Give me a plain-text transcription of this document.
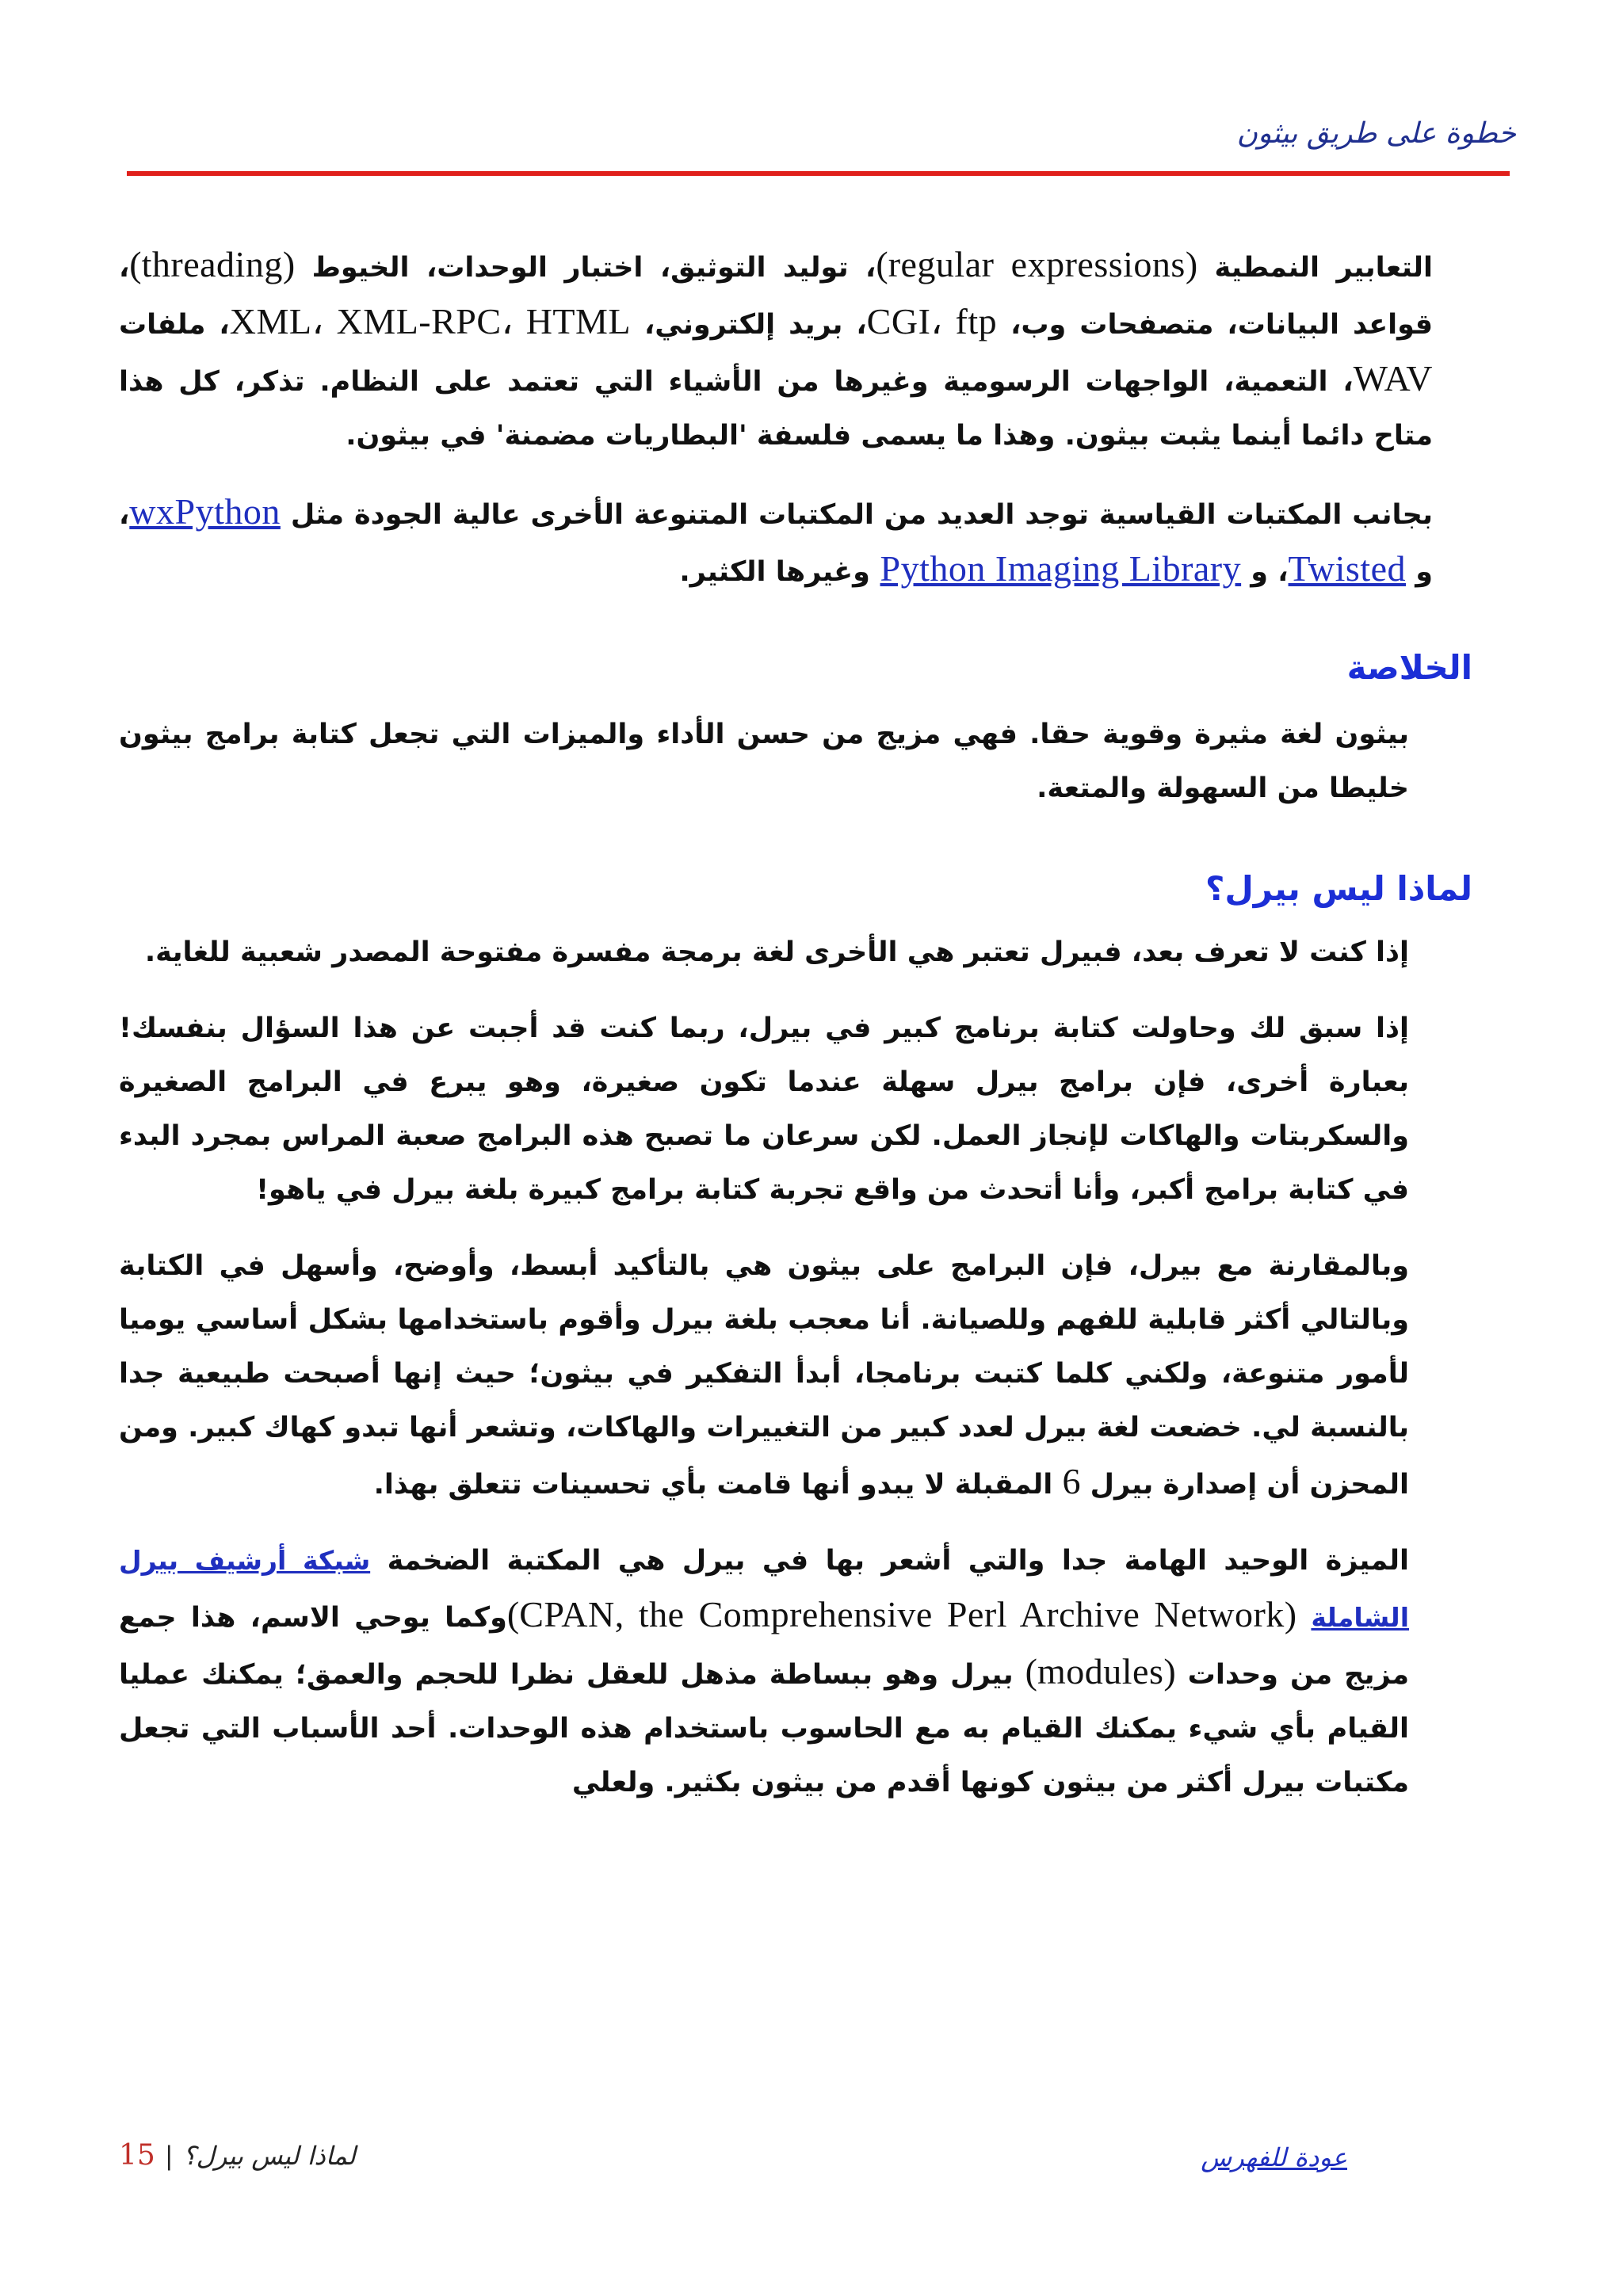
خطوة على طريق بيثون

التعابير النمطية (regular expressions)، توليد التوثيق، اختبار الوحدات، الخيوط (threading)، قواعد البيانات، متصفحات وب، CGI، ftp، بريد إلكتروني، XML، XML-RPC، HTML، ملفات WAV، التعمية، الواجهات الرسومية وغيرها من الأشياء التي تعتمد على النظام. تذكر، كل هذا متاح دائما أينما يثبت بيثون. وهذا ما يسمى فلسفة 'البطاريات مضمنة' في بيثون.

بجانب المكتبات القياسية توجد العديد من المكتبات المتنوعة الأخرى عالية الجودة مثل wxPython، و Twisted، و Python Imaging Library وغيرها الكثير.

الخلاصة

بيثون لغة مثيرة وقوية حقا. فهي مزيج من حسن الأداء والميزات التي تجعل كتابة برامج بيثون خليطا من السهولة والمتعة.

لماذا ليس بيرل؟

إذا كنت لا تعرف بعد، فبيرل تعتبر هي الأخرى لغة برمجة مفسرة مفتوحة المصدر شعبية للغاية.

إذا سبق لك وحاولت كتابة برنامج كبير في بيرل، ربما كنت قد أجبت عن هذا السؤال بنفسك! بعبارة أخرى، فإن برامج بيرل سهلة عندما تكون صغيرة، وهو يبرع في البرامج الصغيرة والسكربتات والهاكات لإنجاز العمل. لكن سرعان ما تصبح هذه البرامج صعبة المراس بمجرد البدء في كتابة برامج أكبر، وأنا أتحدث من واقع تجربة كتابة برامج كبيرة بلغة بيرل في ياهو!

وبالمقارنة مع بيرل، فإن البرامج على بيثون هي بالتأكيد أبسط، وأوضح، وأسهل في الكتابة وبالتالي أكثر قابلية للفهم وللصيانة. أنا معجب بلغة بيرل وأقوم باستخدامها بشكل أساسي يوميا لأمور متنوعة، ولكني كلما كتبت برنامجا، أبدأ التفكير في بيثون؛ حيث إنها أصبحت طبيعية جدا بالنسبة لي. خضعت لغة بيرل لعدد كبير من التغييرات والهاكات، وتشعر أنها تبدو كهاك كبير. ومن المحزن أن إصدارة بيرل 6 المقبلة لا يبدو أنها قامت بأي تحسينات تتعلق بهذا.

الميزة الوحيد الهامة جدا والتي أشعر بها في بيرل هي المكتبة الضخمة شبكة أرشيف بيرل الشاملة (CPAN, the Comprehensive Perl Archive Network)وكما يوحي الاسم، هذا جمع مزيج من وحدات (modules) بيرل وهو ببساطة مذهل للعقل نظرا للحجم والعمق؛ يمكنك عمليا القيام بأي شيء يمكنك القيام به مع الحاسوب باستخدام هذه الوحدات. أحد الأسباب التي تجعل مكتبات بيرل أكثر من بيثون كونها أقدم من بيثون بكثير. ولعلي

15 | لماذا ليس بيرل؟	عودة للفهرس
